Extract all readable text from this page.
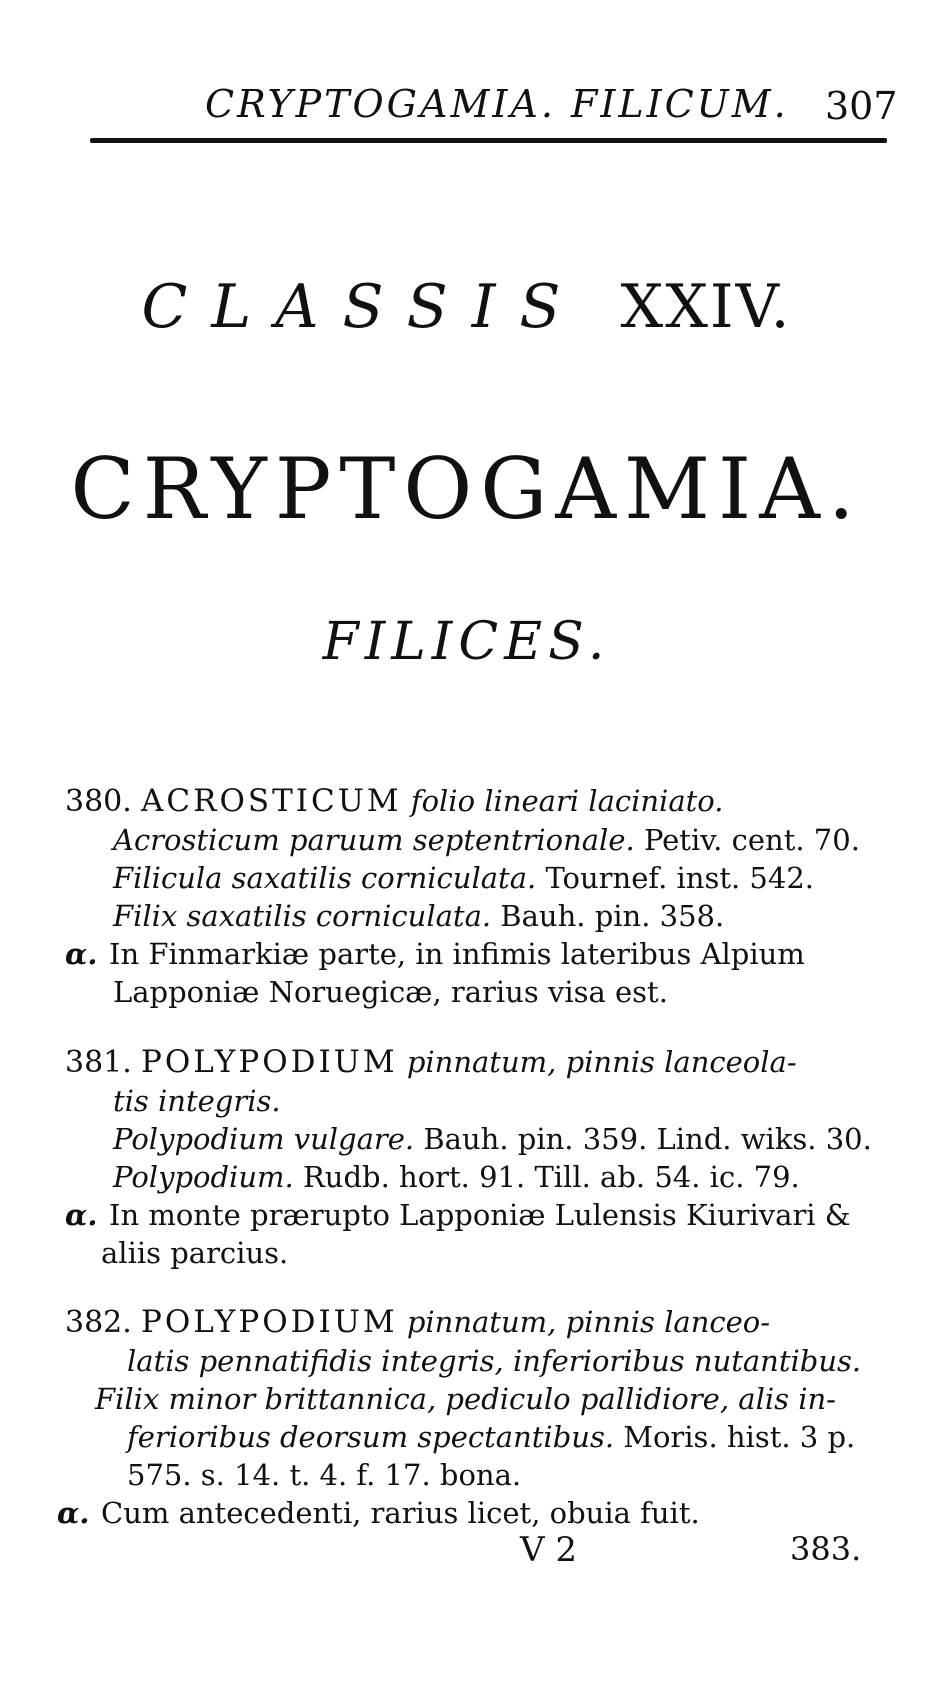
CRYPTOGAMIA. FILICUM. 307
CLASSIS XXIV.
CRYPTOGAMIA.
FILICES.
380. ACROSTICUM folio lineari laciniato.
Acrosticum paruum septentrionale. Petiv. cent. 70.
Filicula saxatilis corniculata. Tournef. inst. 542.
Filix saxatilis corniculata. Bauh. pin. 358.
α. In Finmarkiæ parte, in infimis lateribus Alpium
Lapponiæ Noruegicæ, rarius visa est.
381. POLYPODIUM pinnatum, pinnis lanceola-
tis integris.
Polypodium vulgare. Bauh. pin. 359. Lind. wiks. 30.
Polypodium. Rudb. hort. 91. Till. ab. 54. ic. 79.
α. In monte prærupto Lapponiæ Lulensis Kiurivari &
aliis parcius.
382. POLYPODIUM pinnatum, pinnis lanceo-
latis pennatifidis integris, inferioribus nutantibus.
Filix minor brittannica, pediculo pallidiore, alis in-
ferioribus deorsum spectantibus. Moris. hist. 3 p.
575. s. 14. t. 4. f. 17. bona.
α. Cum antecedenti, rarius licet, obuia fuit.
V 2	383.
